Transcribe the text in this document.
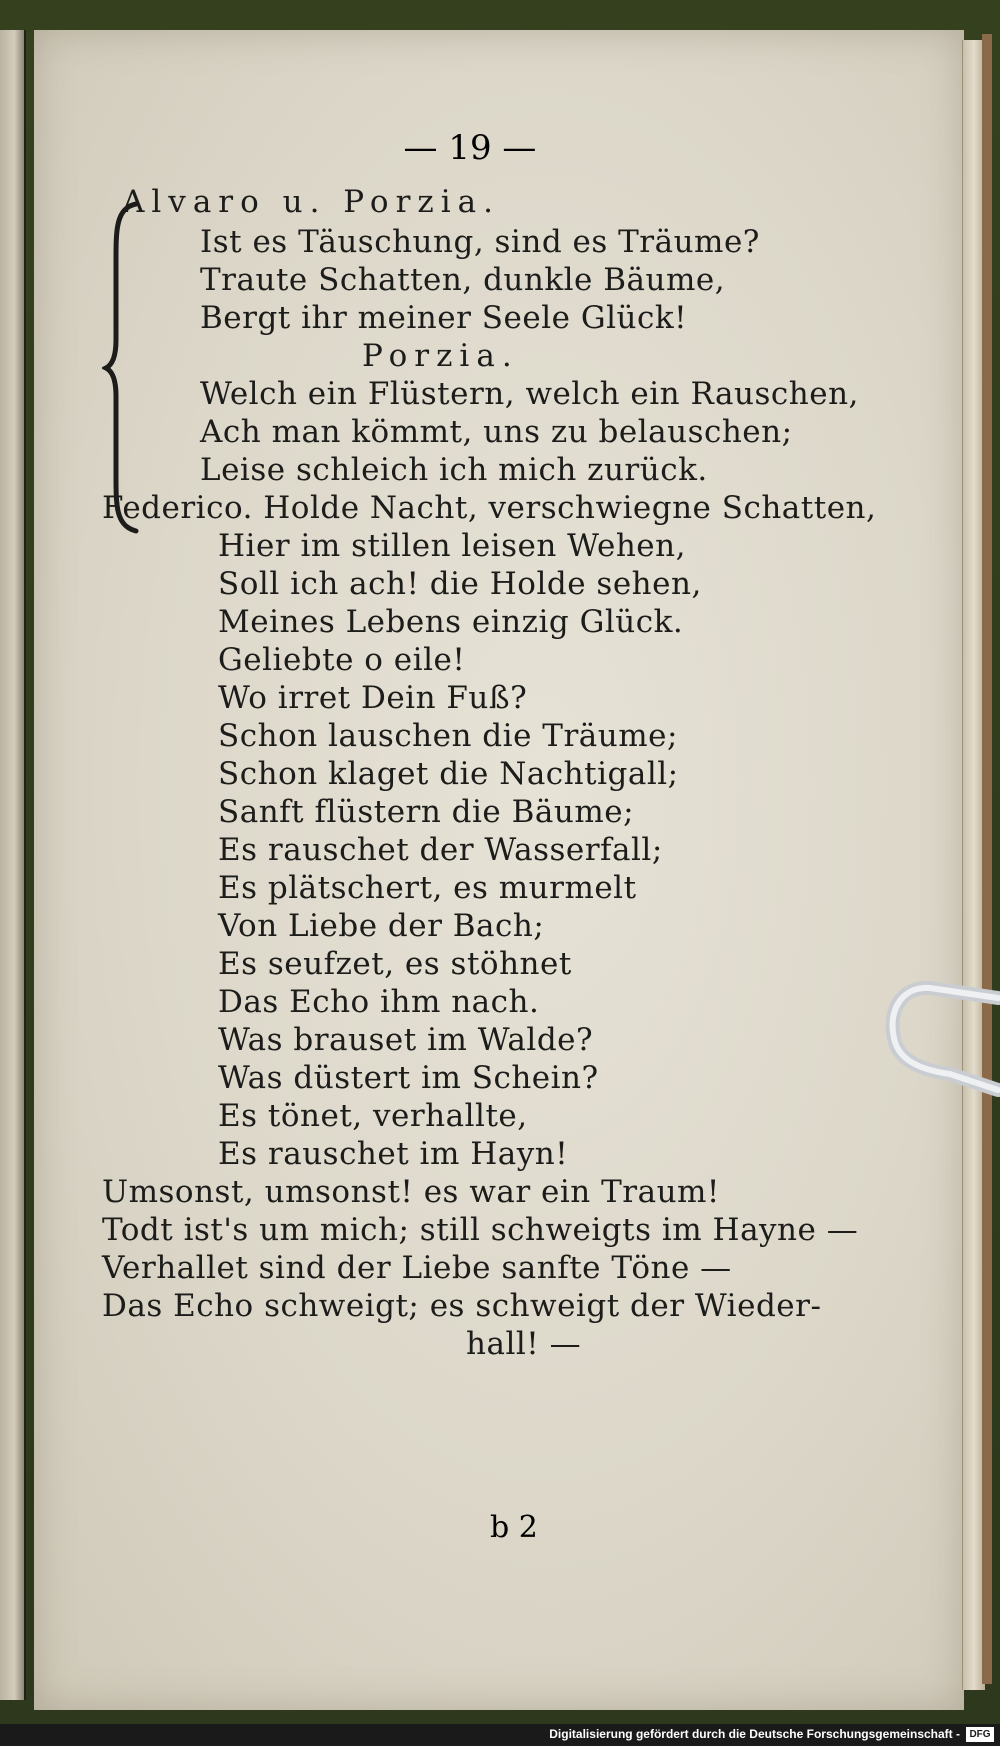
— 19 —
Alvaro u. Porzia.
Ist es Täuschung, sind es Träume?
Traute Schatten, dunkle Bäume,
Bergt ihr meiner Seele Glück!
Porzia.
Welch ein Flüstern, welch ein Rauschen,
Ach man kömmt, uns zu belauschen;
Leise schleich ich mich zurück.
Federico. Holde Nacht, verschwiegne Schatten,
Hier im stillen leisen Wehen,
Soll ich ach! die Holde sehen,
Meines Lebens einzig Glück.
Geliebte o eile!
Wo irret Dein Fuß?
Schon lauschen die Träume;
Schon klaget die Nachtigall;
Sanft flüstern die Bäume;
Es rauschet der Wasserfall;
Es plätschert, es murmelt
Von Liebe der Bach;
Es seufzet, es stöhnet
Das Echo ihm nach.
Was brauset im Walde?
Was düstert im Schein?
Es tönet, verhallte,
Es rauschet im Hayn!
Umsonst, umsonst! es war ein Traum!
Todt ist's um mich; still schweigts im Hayne —
Verhallet sind der Liebe sanfte Töne —
Das Echo schweigt; es schweigt der Wieder-
hall! —
b 2
Digitalisierung gefördert durch die Deutsche Forschungsgemeinschaft - DFG
